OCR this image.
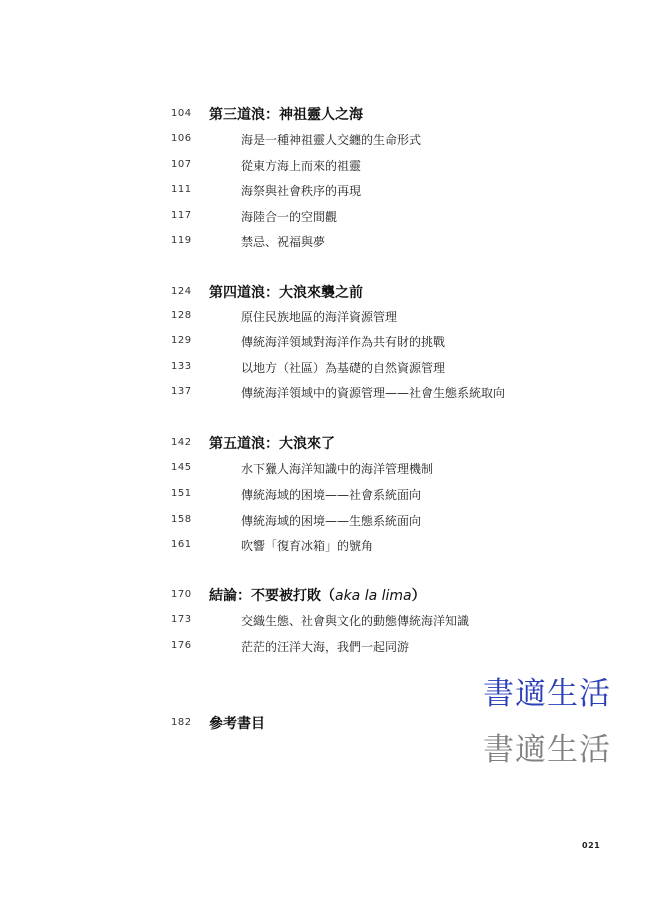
104 第三道浪：神祖靈人之海
106	海是一種神祖靈人交纏的生命形式
107	從東方海上而來的祖靈
111	海祭與社會秩序的再現
117	海陸合一的空間觀
119	禁忌、祝福與夢
124 第四道浪：大浪來襲之前
128	原住民族地區的海洋資源管理
129	傳統海洋領域對海洋作為共有財的挑戰
133	以地方（社區）為基礎的自然資源管理
137	傳統海洋領域中的資源管理——社會生態系統取向
142 第五道浪：大浪來了
145	水下獵人海洋知識中的海洋管理機制
151	傳統海域的困境——社會系統面向
158	傳統海域的困境——生態系統面向
161	吹響「復育冰箱」的號角
170 結論：不要被打敗（aka la lima）
173	交織生態、社會與文化的動態傳統海洋知識
176	茫茫的汪洋大海，我們一起同游
182 參考書目
書適生活
書適生活
021
